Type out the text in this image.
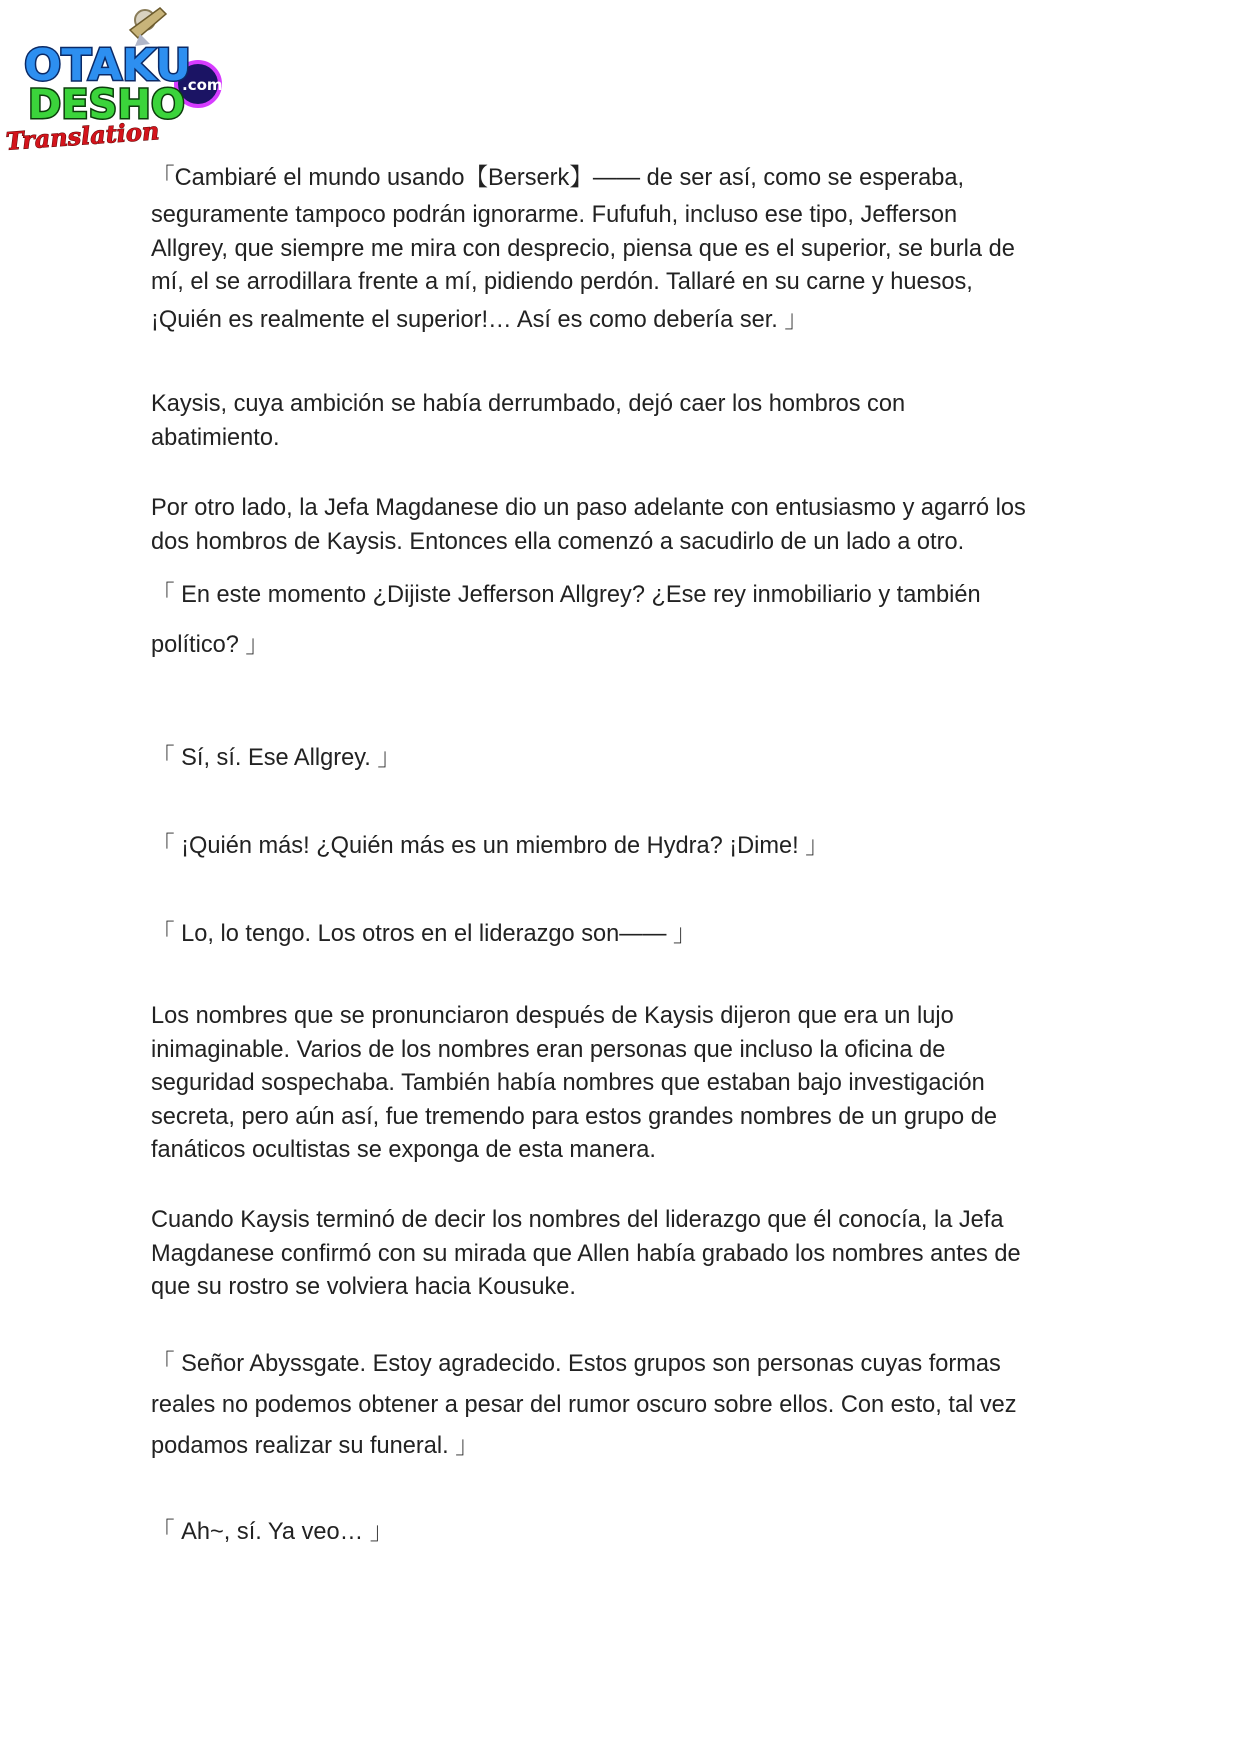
OTAKU
.com
DESHO
Translation

「Cambiaré el mundo usando【Berserk】—— de ser así, como se esperaba,
seguramente tampoco podrán ignorarme. Fufufuh, incluso ese tipo, Jefferson
Allgrey, que siempre me mira con desprecio, piensa que es el superior, se burla de
mí, el se arrodillara frente a mí, pidiendo perdón. Tallaré en su carne y huesos,
¡Quién es realmente el superior!… Así es como debería ser. 」

Kaysis, cuya ambición se había derrumbado, dejó caer los hombros con
abatimiento.

Por otro lado, la Jefa Magdanese dio un paso adelante con entusiasmo y agarró los
dos hombros de Kaysis. Entonces ella comenzó a sacudirlo de un lado a otro.

「 En este momento ¿Dijiste Jefferson Allgrey? ¿Ese rey inmobiliario y también
político? 」

「 Sí, sí. Ese Allgrey. 」

「 ¡Quién más! ¿Quién más es un miembro de Hydra? ¡Dime! 」

「 Lo, lo tengo. Los otros en el liderazgo son—— 」

Los nombres que se pronunciaron después de Kaysis dijeron que era un lujo
inimaginable. Varios de los nombres eran personas que incluso la oficina de
seguridad sospechaba. También había nombres que estaban bajo investigación
secreta, pero aún así, fue tremendo para estos grandes nombres de un grupo de
fanáticos ocultistas se exponga de esta manera.

Cuando Kaysis terminó de decir los nombres del liderazgo que él conocía, la Jefa
Magdanese confirmó con su mirada que Allen había grabado los nombres antes de
que su rostro se volviera hacia Kousuke.

「 Señor Abyssgate. Estoy agradecido. Estos grupos son personas cuyas formas
reales no podemos obtener a pesar del rumor oscuro sobre ellos. Con esto, tal vez
podamos realizar su funeral. 」

「 Ah~, sí. Ya veo… 」
